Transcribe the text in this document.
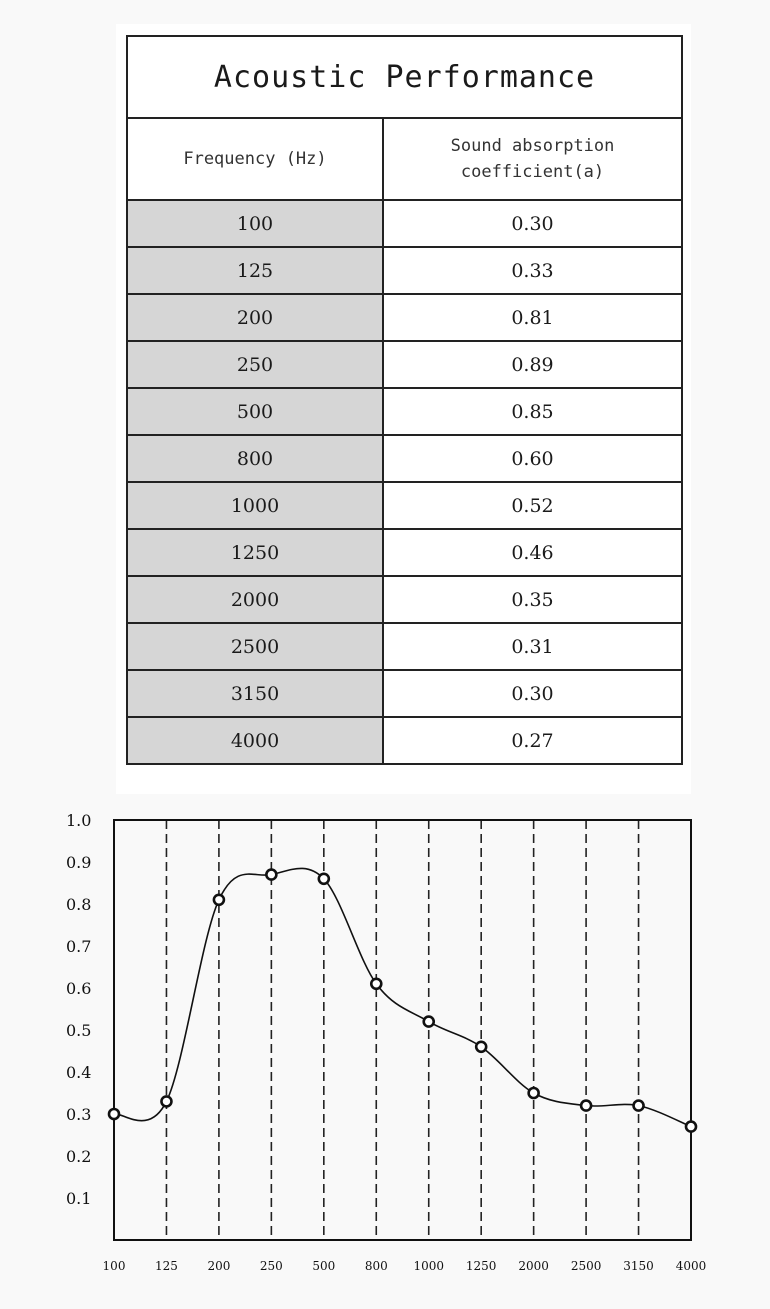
Acoustic Performance	
Frequency (Hz)	Sound absorption
coefficient(a)

100	0.30
125	0.33
200	0.81
250	0.89
500	0.85
800	0.60
1000	0.52
1250	0.46
2000	0.35
2500	0.31
3150	0.30
4000	0.27
1.0
0.9
0.8
0.7
0.6
0.5
0.4
0.3
0.2
0.1
100 125 200 250 500 800 1000 1250 2000 2500 3150 4000
